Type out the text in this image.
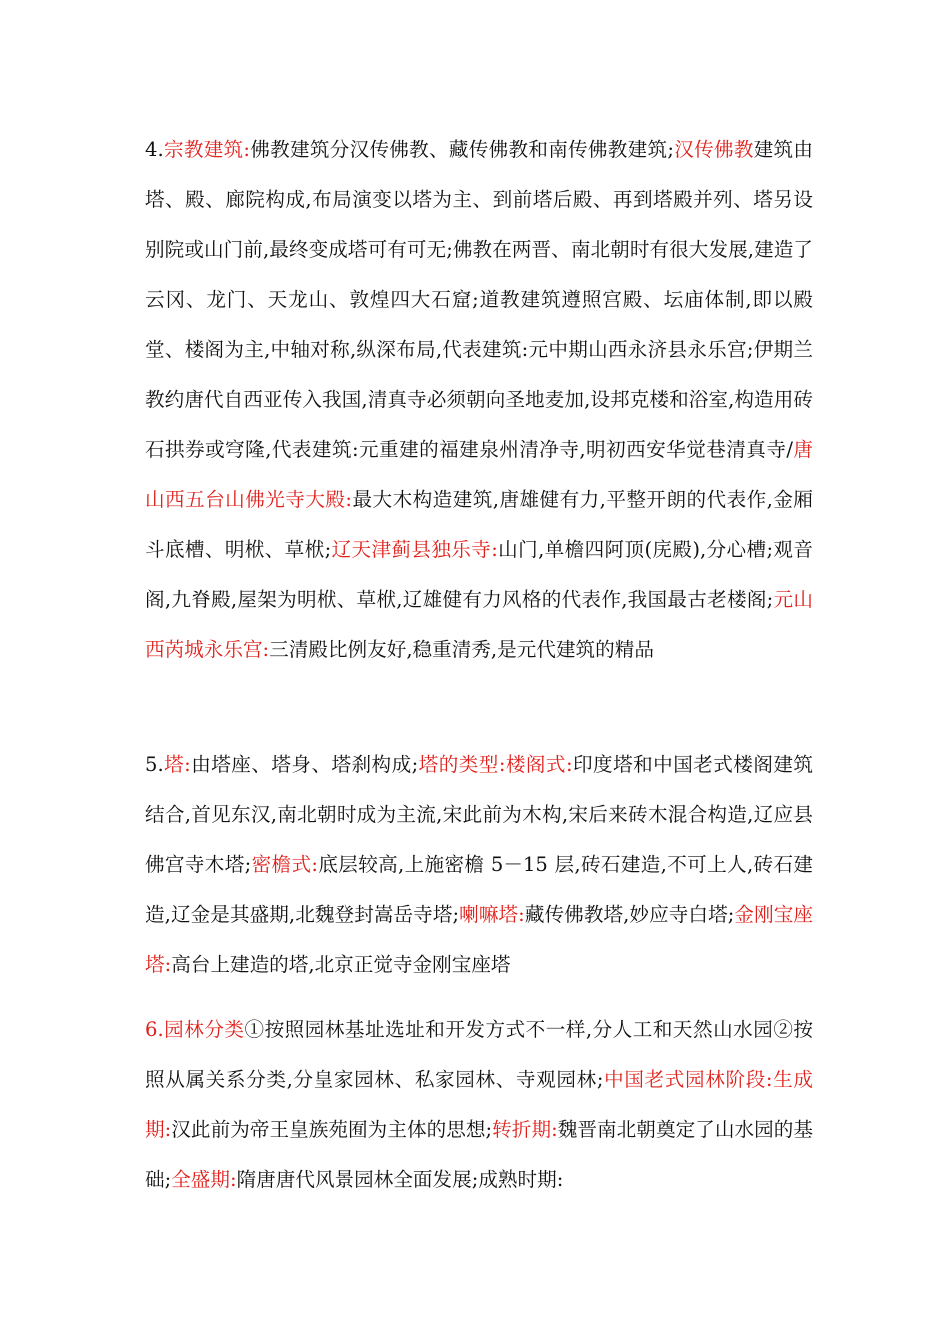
4.宗教建筑:佛教建筑分汉传佛教、藏传佛教和南传佛教建筑;汉传佛教建筑由塔、殿、廊院构成,布局演变以塔为主、到前塔后殿、再到塔殿并列、塔另设别院或山门前,最终变成塔可有可无;佛教在两晋、南北朝时有很大发展,建造了云冈、龙门、天龙山、敦煌四大石窟;道教建筑遵照宫殿、坛庙体制,即以殿堂、楼阁为主,中轴对称,纵深布局,代表建筑:元中期山西永济县永乐宫;伊期兰教约唐代自西亚传入我国,清真寺必须朝向圣地麦加,设邦克楼和浴室,构造用砖石拱券或穹隆,代表建筑:元重建的福建泉州清净寺,明初西安华觉巷清真寺/唐山西五台山佛光寺大殿:最大木构造建筑,唐雄健有力,平整开朗的代表作,金厢斗底槽、明栿、草栿;辽天津蓟县独乐寺:山门,单檐四阿顶(庑殿),分心槽;观音阁,九脊殿,屋架为明栿、草栿,辽雄健有力风格的代表作,我国最古老楼阁;元山西芮城永乐宫:三清殿比例友好,稳重清秀,是元代建筑的精品
5.塔:由塔座、塔身、塔刹构成;塔的类型:楼阁式:印度塔和中国老式楼阁建筑结合,首见东汉,南北朝时成为主流,宋此前为木构,宋后来砖木混合构造,辽应县佛宫寺木塔;密檐式:底层较高,上施密檐 5－15 层,砖石建造,不可上人,砖石建造,辽金是其盛期,北魏登封嵩岳寺塔;喇嘛塔:藏传佛教塔,妙应寺白塔;金刚宝座塔:高台上建造的塔,北京正觉寺金刚宝座塔
6.园林分类①按照园林基址选址和开发方式不一样,分人工和天然山水园②按照从属关系分类,分皇家园林、私家园林、寺观园林;中国老式园林阶段:生成期:汉此前为帝王皇族苑囿为主体的思想;转折期:魏晋南北朝奠定了山水园的基础;全盛期:隋唐唐代风景园林全面发展;成熟时期:
